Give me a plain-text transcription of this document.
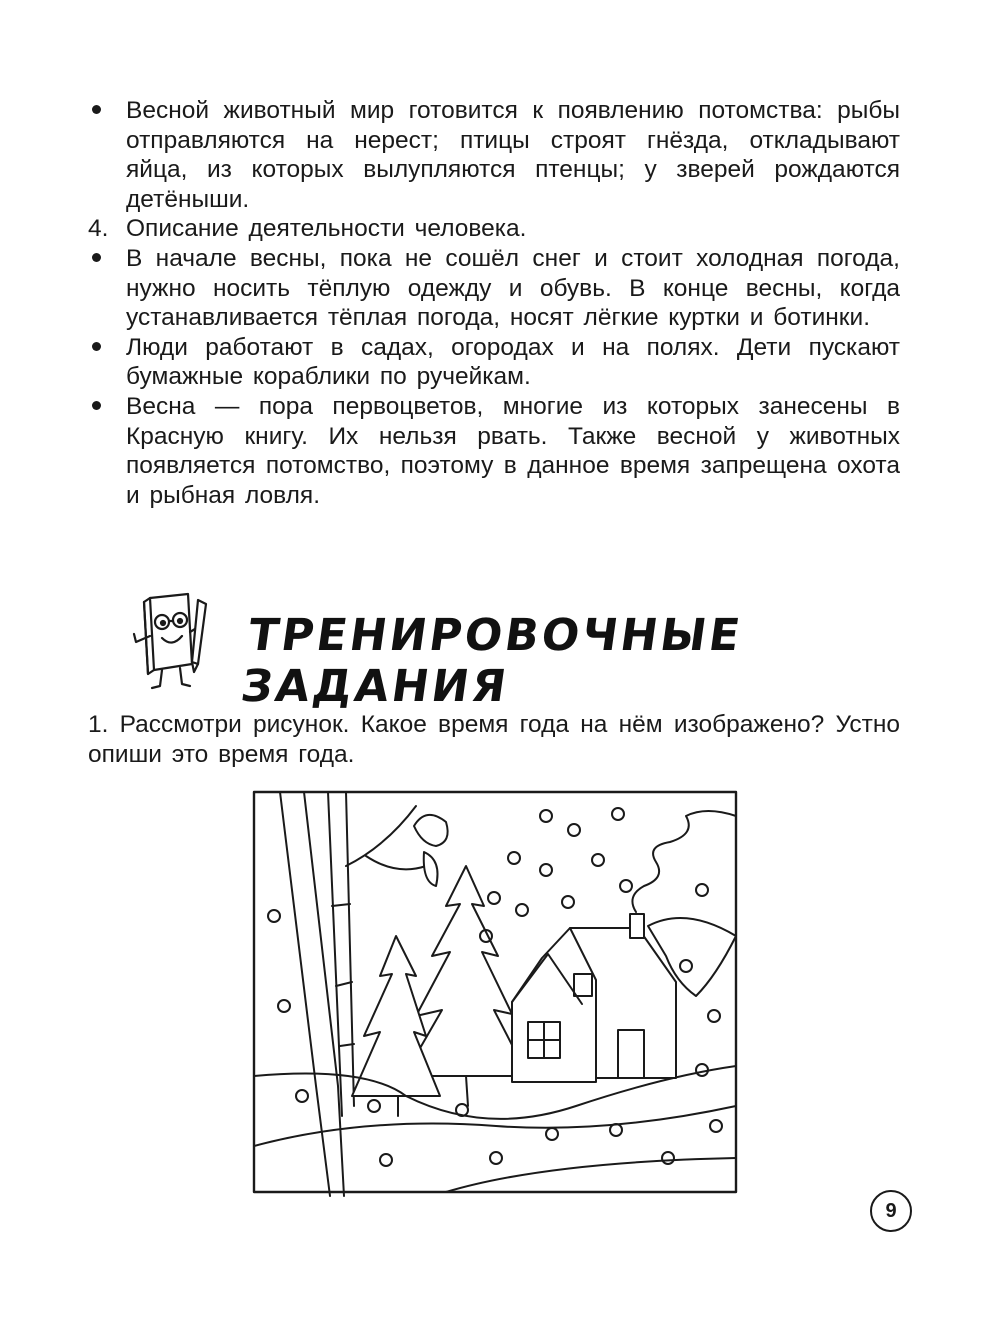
Весной животный мир готовится к появлению потомства: рыбы отправляются на нерест; птицы строят гнёзда, откладывают яйца, из которых вылупляются птенцы; у зверей рождаются детёныши.

4. Описание деятельности человека.

В начале весны, пока не сошёл снег и стоит холодная погода, нужно носить тёплую одежду и обувь. В конце весны, когда устанавливается тёплая погода, носят лёгкие куртки и ботинки.

Люди работают в садах, огородах и на полях. Дети пускают бумажные кораблики по ручейкам.

Весна — пора первоцветов, многие из которых занесены в Красную книгу. Их нельзя рвать. Также весной у животных появляется потомство, поэтому в данное время запрещена охота и рыбная ловля.

ТРЕНИРОВОЧНЫЕ ЗАДАНИЯ

1. Рассмотри рисунок. Какое время года на нём изображено? Устно опиши это время года.

9
